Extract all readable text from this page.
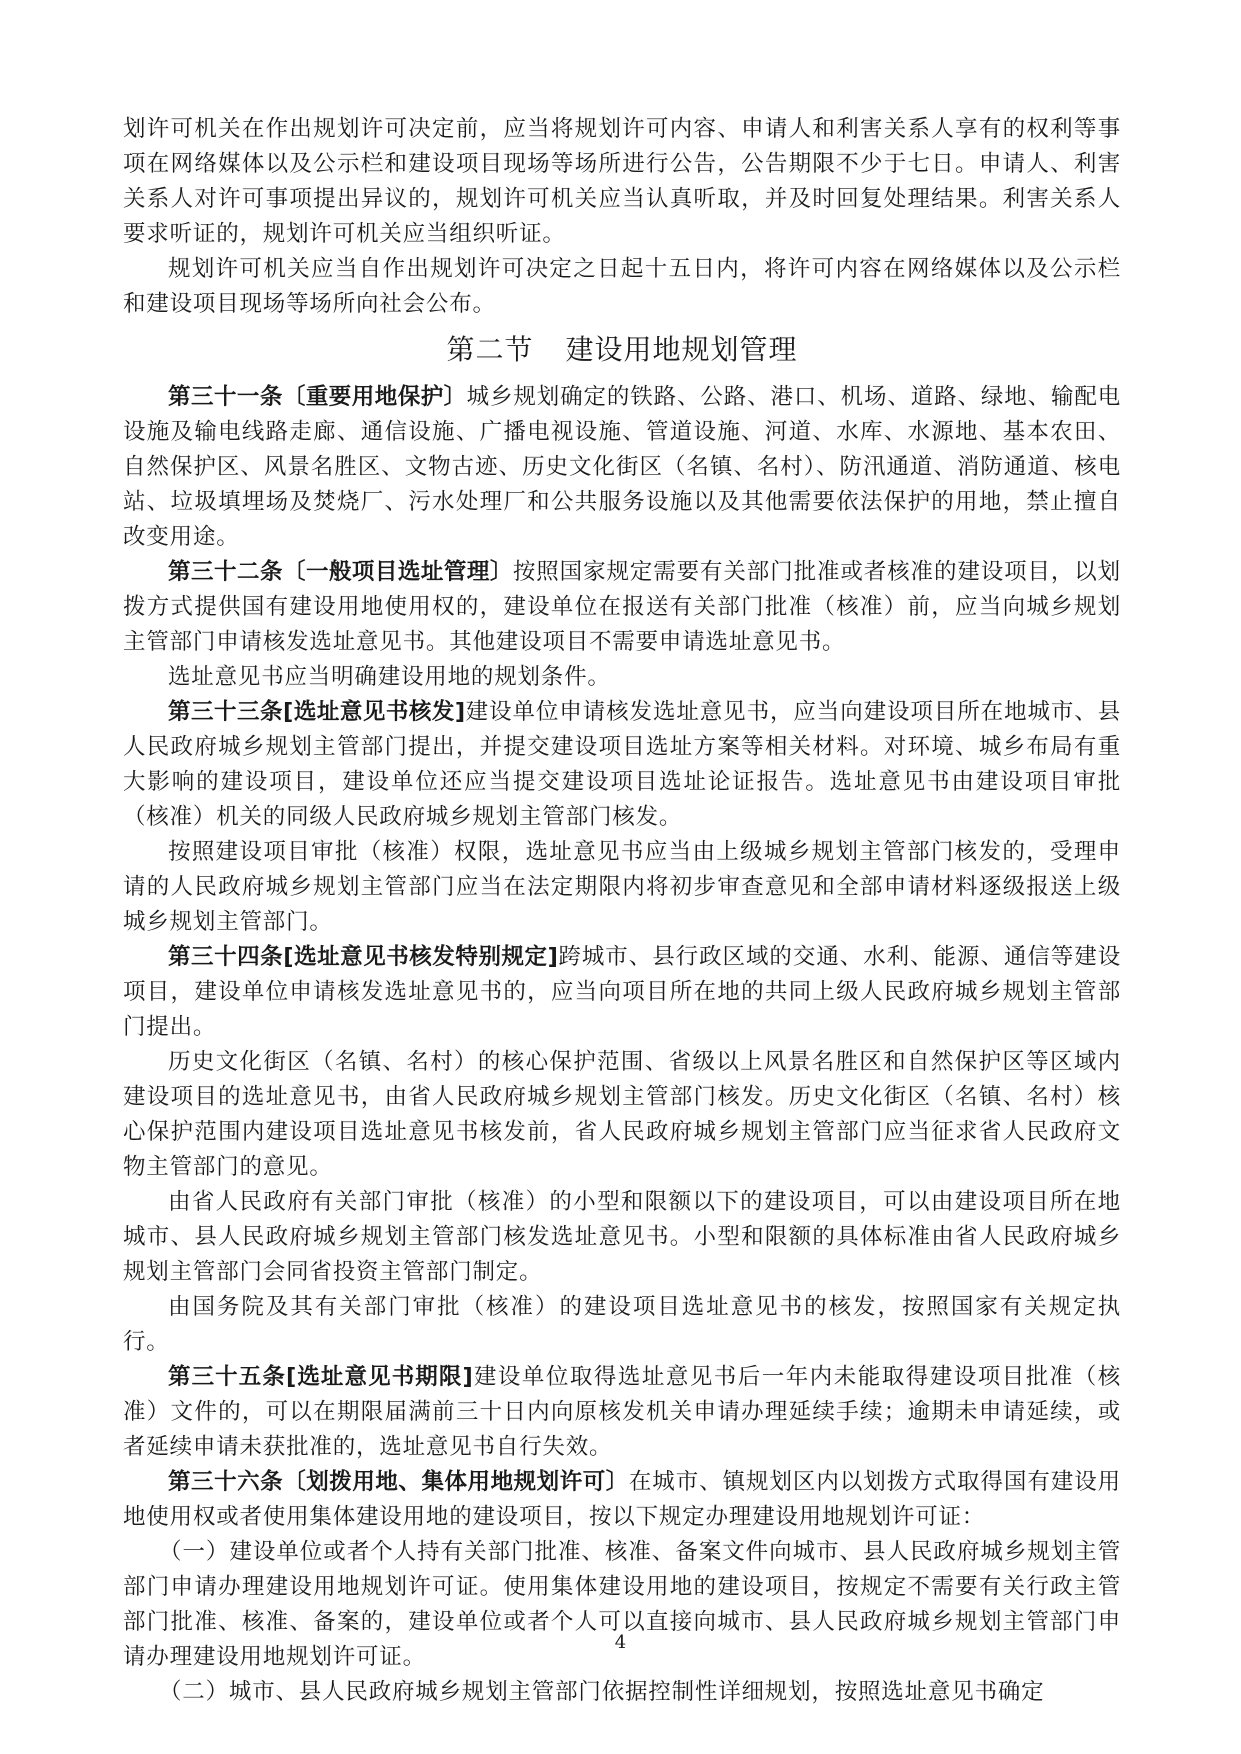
划许可机关在作出规划许可决定前，应当将规划许可内容、申请人和利害关系人享有的权利等事项在网络媒体以及公示栏和建设项目现场等场所进行公告，公告期限不少于七日。申请人、利害关系人对许可事项提出异议的，规划许可机关应当认真听取，并及时回复处理结果。利害关系人要求听证的，规划许可机关应当组织听证。

规划许可机关应当自作出规划许可决定之日起十五日内，将许可内容在网络媒体以及公示栏和建设项目现场等场所向社会公布。

第二节 建设用地规划管理

第三十一条〔重要用地保护〕城乡规划确定的铁路、公路、港口、机场、道路、绿地、输配电设施及输电线路走廊、通信设施、广播电视设施、管道设施、河道、水库、水源地、基本农田、自然保护区、风景名胜区、文物古迹、历史文化街区（名镇、名村）、防汛通道、消防通道、核电站、垃圾填埋场及焚烧厂、污水处理厂和公共服务设施以及其他需要依法保护的用地，禁止擅自改变用途。

第三十二条〔一般项目选址管理〕按照国家规定需要有关部门批准或者核准的建设项目，以划拨方式提供国有建设用地使用权的，建设单位在报送有关部门批准（核准）前，应当向城乡规划主管部门申请核发选址意见书。其他建设项目不需要申请选址意见书。

选址意见书应当明确建设用地的规划条件。

第三十三条[选址意见书核发]建设单位申请核发选址意见书，应当向建设项目所在地城市、县人民政府城乡规划主管部门提出，并提交建设项目选址方案等相关材料。对环境、城乡布局有重大影响的建设项目，建设单位还应当提交建设项目选址论证报告。选址意见书由建设项目审批（核准）机关的同级人民政府城乡规划主管部门核发。

按照建设项目审批（核准）权限，选址意见书应当由上级城乡规划主管部门核发的，受理申请的人民政府城乡规划主管部门应当在法定期限内将初步审查意见和全部申请材料逐级报送上级城乡规划主管部门。

第三十四条[选址意见书核发特别规定]跨城市、县行政区域的交通、水利、能源、通信等建设项目，建设单位申请核发选址意见书的，应当向项目所在地的共同上级人民政府城乡规划主管部门提出。

历史文化街区（名镇、名村）的核心保护范围、省级以上风景名胜区和自然保护区等区域内建设项目的选址意见书，由省人民政府城乡规划主管部门核发。历史文化街区（名镇、名村）核心保护范围内建设项目选址意见书核发前，省人民政府城乡规划主管部门应当征求省人民政府文物主管部门的意见。

由省人民政府有关部门审批（核准）的小型和限额以下的建设项目，可以由建设项目所在地城市、县人民政府城乡规划主管部门核发选址意见书。小型和限额的具体标准由省人民政府城乡规划主管部门会同省投资主管部门制定。

由国务院及其有关部门审批（核准）的建设项目选址意见书的核发，按照国家有关规定执行。

第三十五条[选址意见书期限]建设单位取得选址意见书后一年内未能取得建设项目批准（核准）文件的，可以在期限届满前三十日内向原核发机关申请办理延续手续；逾期未申请延续，或者延续申请未获批准的，选址意见书自行失效。

第三十六条〔划拨用地、集体用地规划许可〕在城市、镇规划区内以划拨方式取得国有建设用地使用权或者使用集体建设用地的建设项目，按以下规定办理建设用地规划许可证：

（一）建设单位或者个人持有关部门批准、核准、备案文件向城市、县人民政府城乡规划主管部门申请办理建设用地规划许可证。使用集体建设用地的建设项目，按规定不需要有关行政主管部门批准、核准、备案的，建设单位或者个人可以直接向城市、县人民政府城乡规划主管部门申请办理建设用地规划许可证。

（二）城市、县人民政府城乡规划主管部门依据控制性详细规划，按照选址意见书确定

4
